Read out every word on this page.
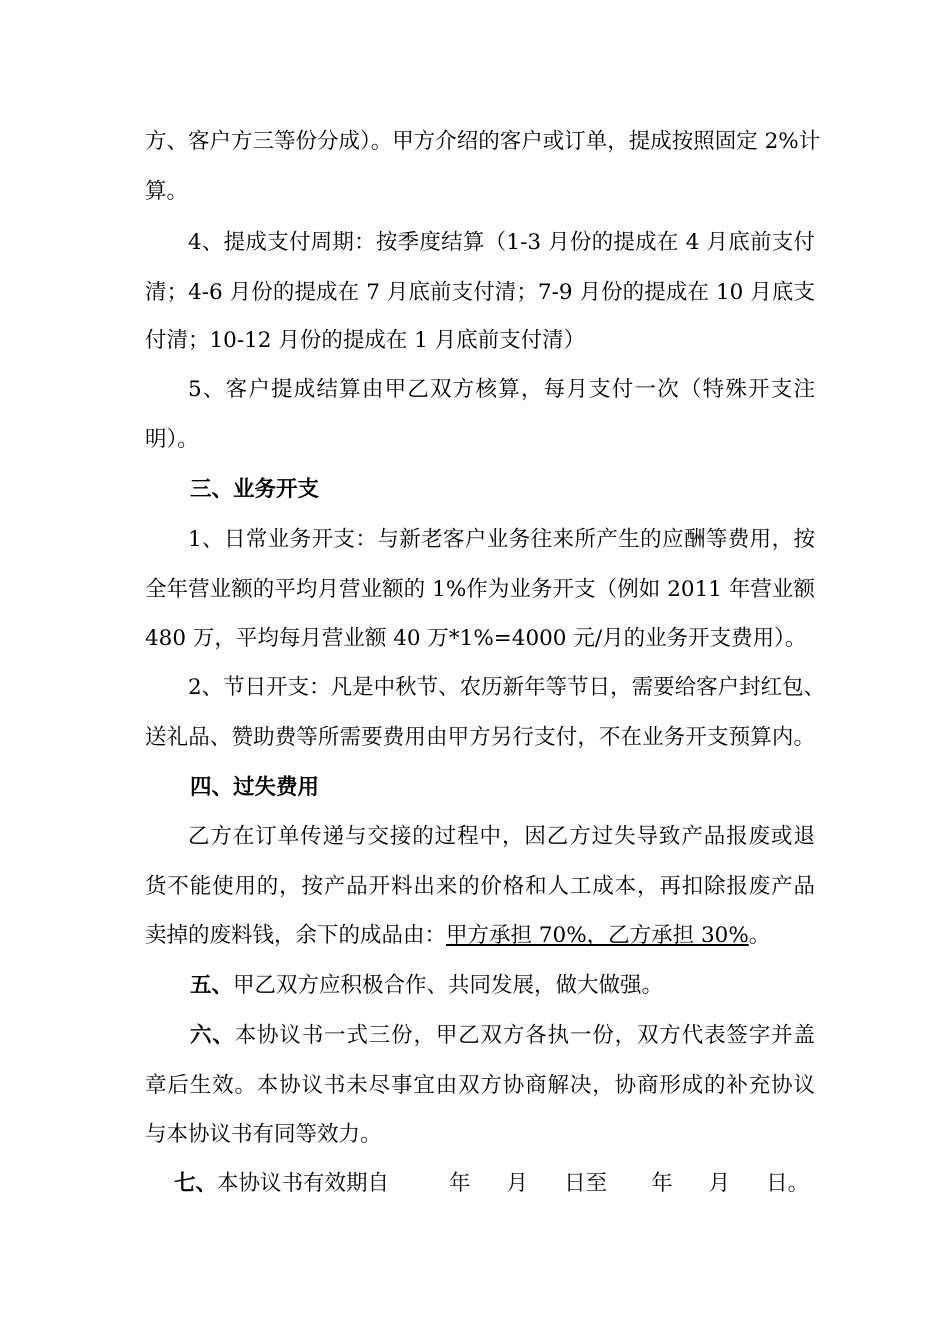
方、客户方三等份分成）。甲方介绍的客户或订单，提成按照固定 2%计

算。

4、提成支付周期：按季度结算（1-3 月份的提成在 4 月底前支付

清；4-6 月份的提成在 7 月底前支付清；7-9 月份的提成在 10 月底支

付清；10-12 月份的提成在 1 月底前支付清）

5、客户提成结算由甲乙双方核算，每月支付一次（特殊开支注

明）。

三、业务开支

1、日常业务开支：与新老客户业务往来所产生的应酬等费用，按

全年营业额的平均月营业额的 1%作为业务开支（例如 2011 年营业额

480 万，平均每月营业额 40 万*1%=4000 元/月的业务开支费用）。

2、节日开支：凡是中秋节、农历新年等节日，需要给客户封红包、

送礼品、赞助费等所需要费用由甲方另行支付，不在业务开支预算内。

四、过失费用

乙方在订单传递与交接的过程中，因乙方过失导致产品报废或退

货不能使用的，按产品开料出来的价格和人工成本，再扣除报废产品

卖掉的废料钱，余下的成品由：甲方承担 70%，乙方承担 30%。

五、甲乙双方应积极合作、共同发展，做大做强。

六、本协议书一式三份，甲乙双方各执一份，双方代表签字并盖

章后生效。本协议书未尽事宜由双方协商解决，协商形成的补充协议

与本协议书有同等效力。

七、本协议书有效期自	年 月 日至 年 月 日。
